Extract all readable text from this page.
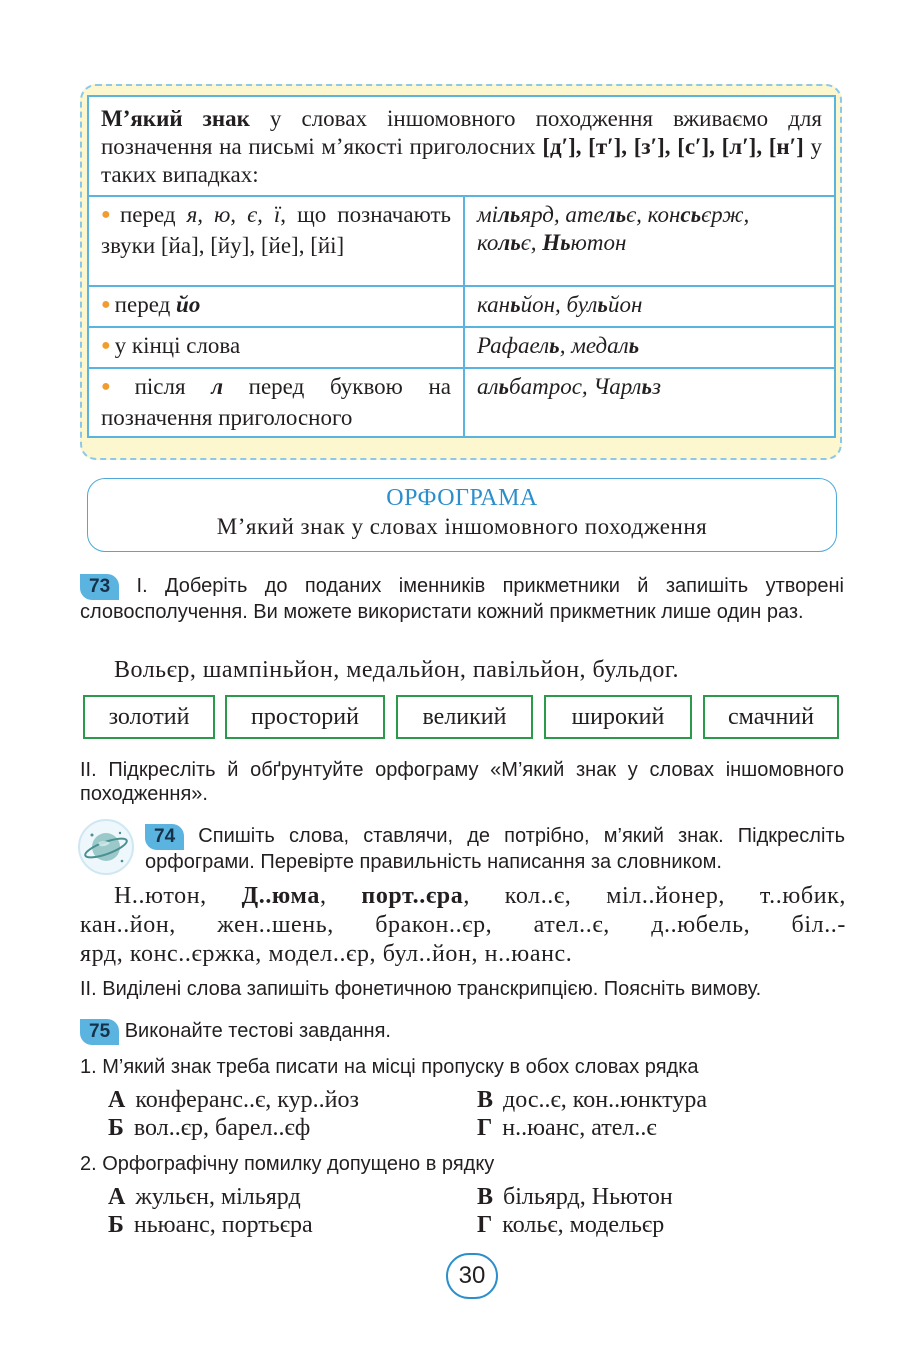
М’який знак у словах іншомовного походження вживаємо для позначення на письмі м’якості приголосних [д′], [т′], [з′], [с′], [л′], [н′] у таких випадках:	
● перед я, ю, є, ї, що позначають звуки [йа], [йу], [йе], [йі]	мільярд, ательє, консьєрж,
кольє, Ньютон
● перед йо	каньйон, бульйон
● у кінці слова	Рафаель, медаль
● після л перед буквою на позначення приголосного	альбатрос, Чарльз
ОРФОГРАМА
М’який знак у словах іншомовного походження
73 І. Доберіть до поданих іменників прикметники й запишіть утворені словосполучення. Ви можете використати кожний прикметник лише один раз.
Вольєр, шампіньйон, медальйон, павільйон, бульдог.
золотий	просторий	великий	широкий	смачний
ІІ. Підкресліть й обґрунтуйте орфограму «М’який знак у словах іншомовного походження».
74 Спишіть слова, ставлячи, де потрібно, м’який знак. Підкресліть орфограми. Перевірте правильність написання за словником.
Н..ютон, Д..юма, порт..єра, кол..є, міл..йонер, т..юбик,
кан..йон, жен..шень, бракон..єр, ател..є, д..юбель, біл..-
ярд, конс..єржка, модел..єр, бул..йон, н..юанс.
ІІ. Виділені слова запишіть фонетичною транскрипцією. Поясніть вимову.
75 Виконайте тестові завдання.
1. М’який знак треба писати на місці пропуску в обох словах рядка
А конферанс..є, кур..йоз	В дос..є, кон..юнктура
Б вол..єр, барел..єф	Г н..юанс, ател..є
2. Орфографічну помилку допущено в рядку
А жульєн, мільярд	В більярд, Ньютон
Б ньюанс, портьєра	Г кольє, модельєр
30
